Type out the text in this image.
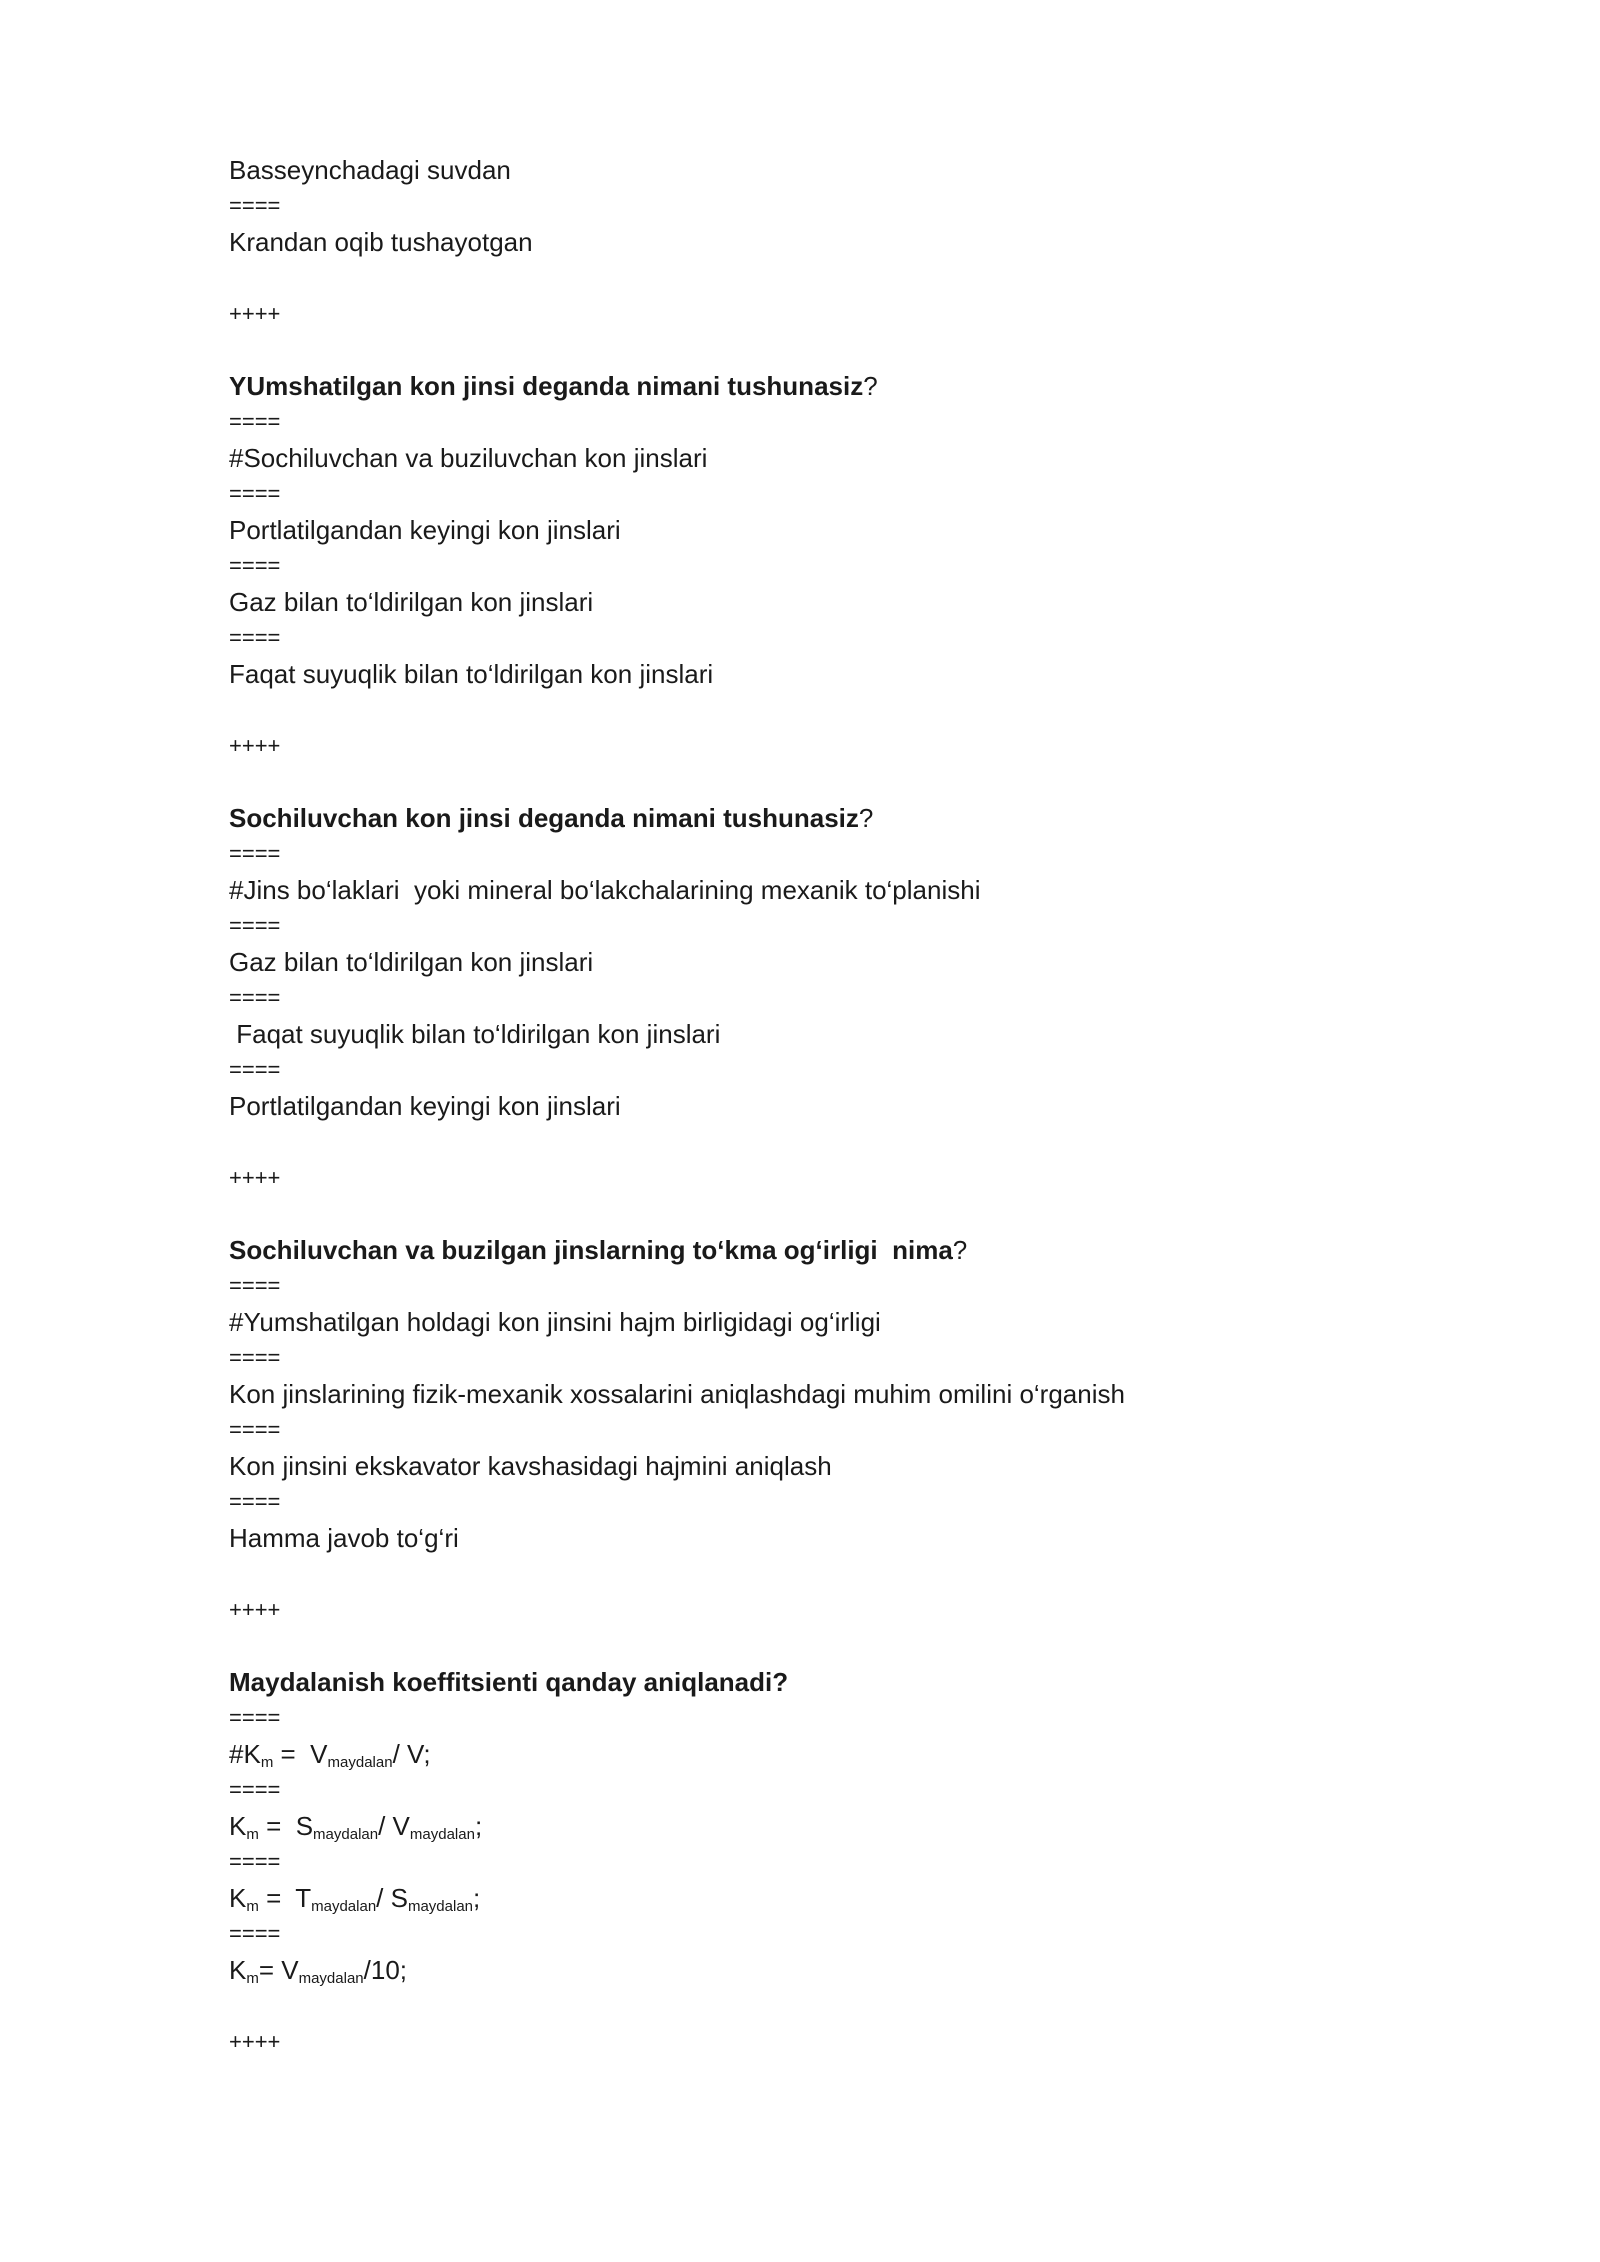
Basseynchadagi suvdan
====
Krandan oqib tushayotgan
++++
YUmshatilgan kon jinsi deganda nimani tushunasiz?
====
#Sochiluvchan va buziluvchan kon jinslari
====
Portlatilgandan keyingi kon jinslari
====
Gaz bilan to‘ldirilgan kon jinslari
====
Faqat suyuqlik bilan to‘ldirilgan kon jinslari
++++
Sochiluvchan kon jinsi deganda nimani tushunasiz?
====
#Jins bo‘laklari  yoki mineral bo‘lakchalarining mexanik to‘planishi
====
Gaz bilan to‘ldirilgan kon jinslari
====
Faqat suyuqlik bilan to‘ldirilgan kon jinslari
====
Portlatilgandan keyingi kon jinslari
++++
Sochiluvchan va buzilgan jinslarning to‘kma og‘irligi  nima?
====
#Yumshatilgan holdagi kon jinsini hajm birligidagi og‘irligi
====
Kon jinslarining fizik-mexanik xossalarini aniqlashdagi muhim omilini o‘rganish
====
Kon jinsini ekskavator kavshasidagi hajmini aniqlash
====
Hamma javob to‘g‘ri
++++
Maydalanish koeffitsienti qanday aniqlanadi?
====
$\#K_m = V_{maydalan}/$ V;
====
$K_m = S_{maydalan}/$ $V_{maydalan}$;
====
$K_m = T_{maydalan}/$ $S_{maydalan}$;
====
$K_m= V_{maydalan}/10$;
++++
